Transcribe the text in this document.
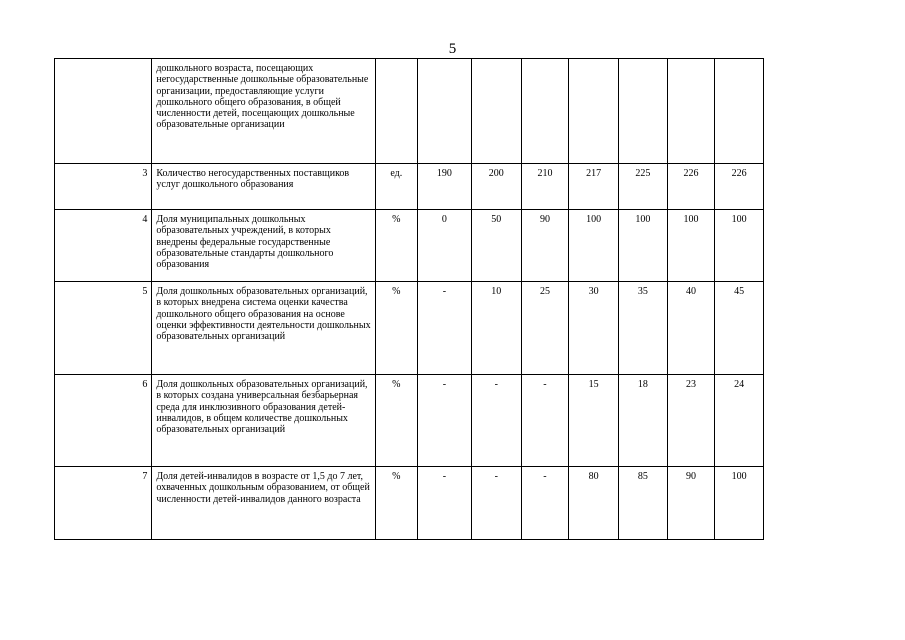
5
	дошкольного возраста, посещающих негосударственные дошкольные образовательные организации, предоставляющие услуги дошкольного общего образования, в общей численности детей, посещающих дошкольные образовательные организации								
3	Количество негосударственных поставщиков услуг дошкольного образования	ед.	190	200	210	217	225	226	226
4	Доля муниципальных дошкольных образовательных учреждений, в которых внедрены федеральные государственные образовательные стандарты дошкольного образования	%	0	50	90	100	100	100	100
5	Доля дошкольных образовательных организаций, в которых внедрена система оценки качества дошкольного общего образования на основе оценки эффективности деятельности дошкольных образовательных организаций	%	-	10	25	30	35	40	45
6	Доля дошкольных образовательных организаций, в которых создана универсальная безбарьерная среда для инклюзивного образования детей-инвалидов, в общем количестве дошкольных образовательных организаций	%	-	-	-	15	18	23	24
7	Доля детей-инвалидов в возрасте от 1,5 до 7 лет, охваченных дошкольным образованием, от общей численности детей-инвалидов данного возраста	%	-	-	-	80	85	90	100
